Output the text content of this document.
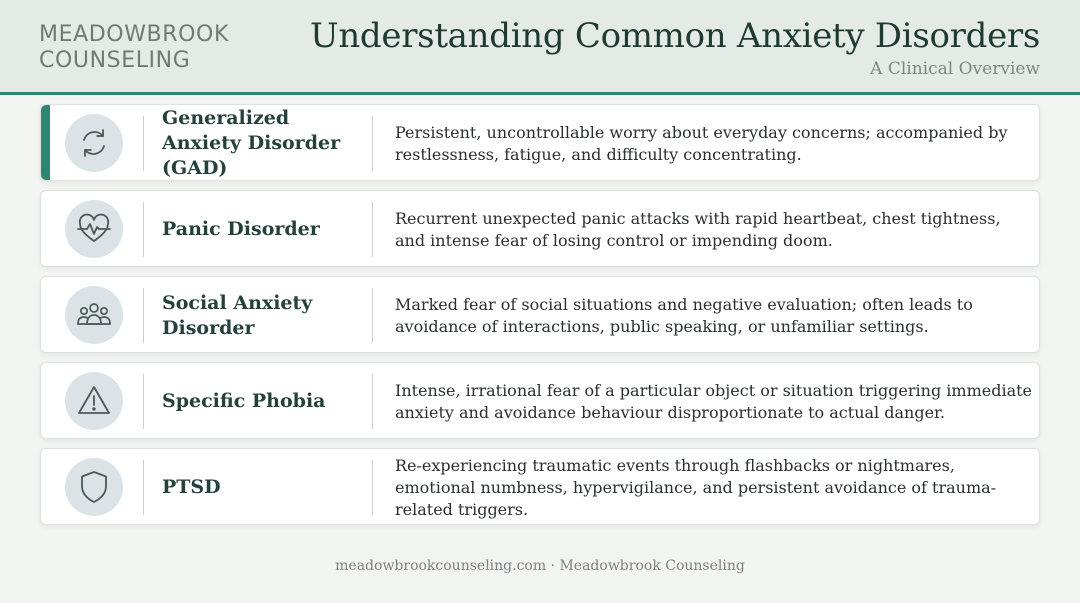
MEADOWBROOK
COUNSELING
Understanding Common Anxiety Disorders
A Clinical Overview
Generalized Anxiety Disorder (GAD)
Persistent, uncontrollable worry about everyday concerns; accompanied by restlessness, fatigue, and difficulty concentrating.
Panic Disorder	Recurrent unexpected panic attacks with rapid heartbeat, chest tightness, and intense fear of losing control or impending doom.
Social Anxiety Disorder
Marked fear of social situations and negative evaluation; often leads to avoidance of interactions, public speaking, or unfamiliar settings.
Specific Phobia	Intense, irrational fear of a particular object or situation triggering immediate anxiety and avoidance behaviour disproportionate to actual danger.
PTSD
Re-experiencing traumatic events through flashbacks or nightmares, emotional numbness, hypervigilance, and persistent avoidance of trauma-related triggers.
meadowbrookcounseling.com · Meadowbrook Counseling
